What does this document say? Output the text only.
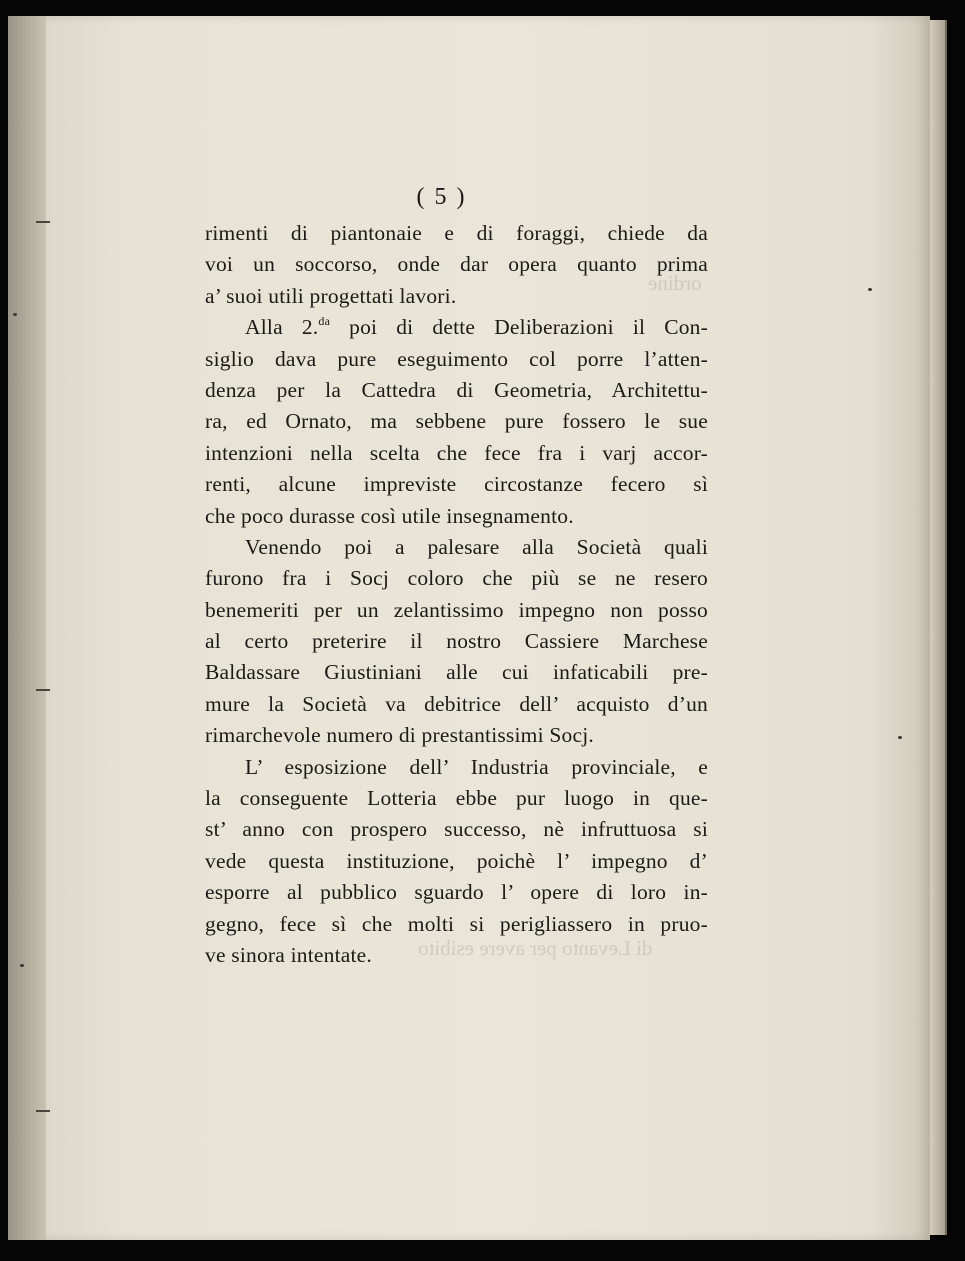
ordine
di Levanto per avere esibito
( 5 )
rimenti di piantonaie e di foraggi, chiede da
voi un soccorso, onde dar opera quanto prima
a’ suoi utili progettati lavori.
Alla 2.$^{da}$ poi di dette Deliberazioni il Con-
siglio dava pure eseguimento col porre l’atten-
denza per la Cattedra di Geometria, Architettu-
ra, ed Ornato, ma sebbene pure fossero le sue
intenzioni nella scelta che fece fra i varj accor-
renti, alcune impreviste circostanze fecero sì
che poco durasse così utile insegnamento.
Venendo poi a palesare alla Società quali
furono fra i Socj coloro che più se ne resero
benemeriti per un zelantissimo impegno non posso
al certo preterire il nostro Cassiere Marchese
Baldassare Giustiniani alle cui infaticabili pre-
mure la Società va debitrice dell’ acquisto d’un
rimarchevole numero di prestantissimi Socj.
L’ esposizione dell’ Industria provinciale, e
la conseguente Lotteria ebbe pur luogo in que-
st’ anno con prospero successo, nè infruttuosa si
vede questa instituzione, poichè l’ impegno d’
esporre al pubblico sguardo l’ opere di loro in-
gegno, fece sì che molti si perigliassero in pruo-
ve sinora intentate.
